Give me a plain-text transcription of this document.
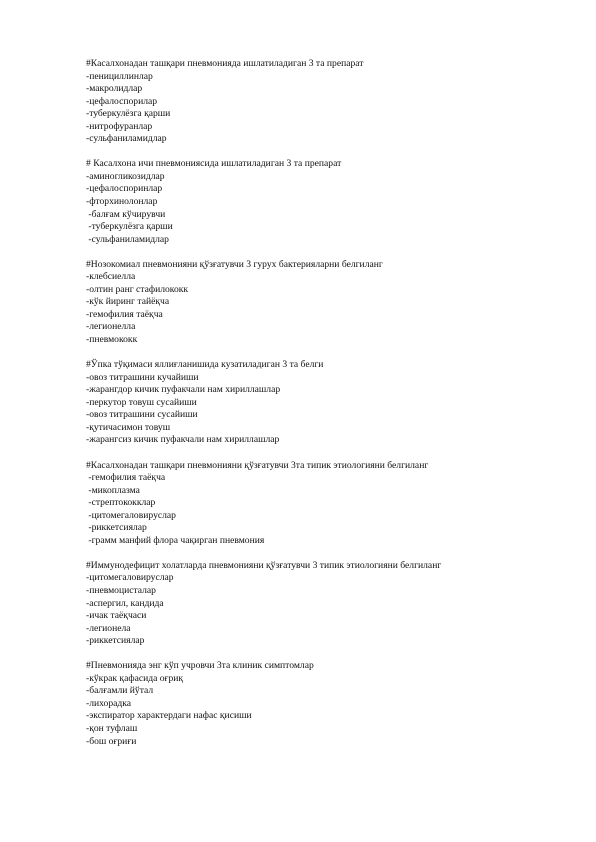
#Касалхонадан ташқари пневмонияда ишлатиладиган 3 та препарат
-пенициллинлар
-макролидлар
-цефалоспорилар
-туберкулёзга қарши
-нитрофуранлар
-сульфаниламидлар
# Касалхона ичи пневмониясида ишлатиладиган 3 та препарат
-аминогликозидлар
-цефалоспоринлар
-фторхинолонлар
-балғам кўчирувчи
-туберкулёзга қарши
-сульфаниламидлар
#Нозокомиал пневмонияни қўзғатувчи 3 гурух бактерияларни белгиланг
-клебсиелла
-олтин ранг стафилококк
-кўк йиринг тайёқча
-гемофилия таёқча
-легионелла
-пневмококк
#Ўпка тўқимаси яллиғланишида кузатиладиган 3 та белги
-овоз титрашини кучайиши
-жарангдор кичик пуфакчали нам хириллашлар
-перкутор товуш сусайиши
-овоз титрашини сусайиши
-қутичасимон товуш
-жарангсиз кичик пуфакчали нам хириллашлар
#Касалхонадан ташқари пневмонияни қўзғатувчи 3та типик этиологияни белгиланг
-гемофилия таёқча
-микоплазма
-стрептококклар
-цитомегаловируслар
-риккетсиялар
-грамм манфий флора чақирган пневмония
#Иммунодефицит холатларда пневмонияни қўзғатувчи 3 типик этиологияни белгиланг
-цитомегаловируслар
-пневмоцисталар
-аспергил, кандида
-ичак таёқчаси
-легионела
-риккетсиялар
#Пневмонияда энг кўп учровчи 3та клиник симптомлар
-кўкрак қафасида оғриқ
-балғамли йўтал
-лихорадка
-экспиратор характердаги нафас қисиши
-қон туфлаш
-бош оғриғи
